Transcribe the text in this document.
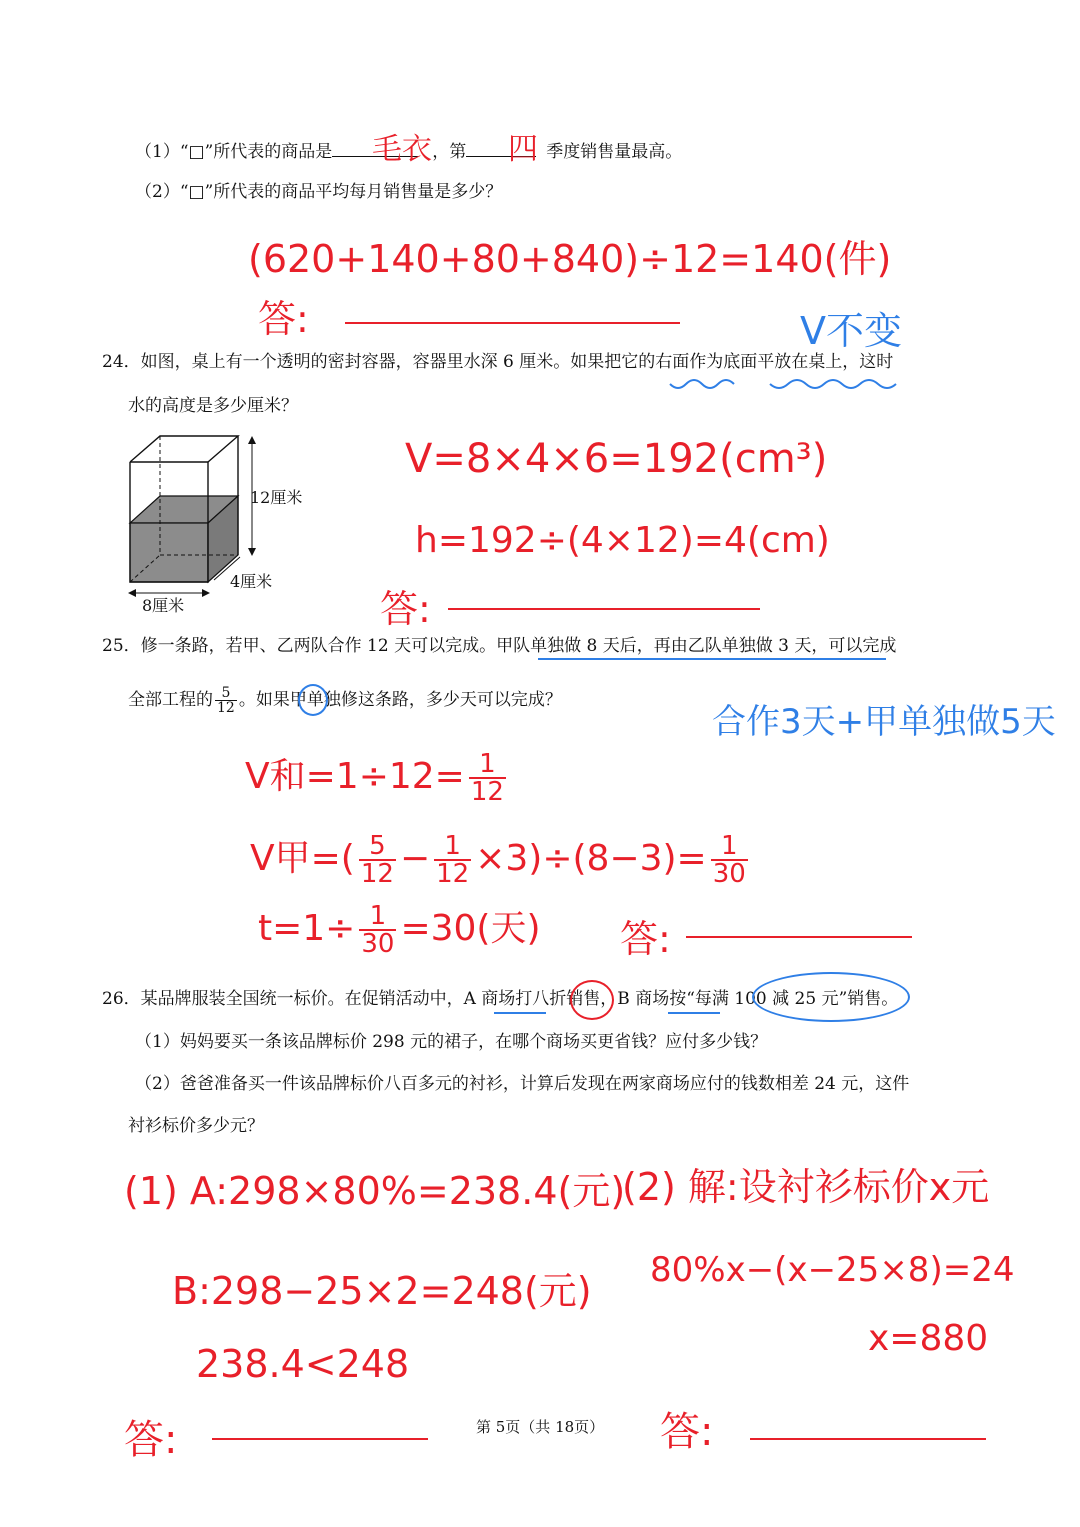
（1）“□”所代表的商品是	，第	季度销售量最高。
毛衣	四
（2）“□”所代表的商品平均每月销售量是多少？
(620+140+80+840)÷12=140(件)
答:	V不变
24．如图，桌上有一个透明的密封容器，容器里水深 6 厘米。如果把它的右面作为底面平放在桌上，这时
水的高度是多少厘米？
12厘米
4厘米
8厘米
V=8×4×6=192(cm³)
h=192÷(4×12)=4(cm)
答:
25．修一条路，若甲、乙两队合作 12 天可以完成。甲队单独做 8 天后，再由乙队单独做 3 天，可以完成
全部工程的 $\frac{5}{12}$ 。如果甲单独修这条路，多少天可以完成？
合作3天+甲单独做5天
V和$=1\div 12= \frac{1}{12}$
V甲=( $\frac{5}{12} - \frac{1}{12} \times 3)\div(8-3)= \frac{1}{30}$
$t=1\div \frac{1}{30} =30$(天) 答:
26．某品牌服装全国统一标价。在促销活动中，A 商场打八折销售，B 商场按“每满 100 减 25 元”销售。
（1）妈妈要买一条该品牌标价 298 元的裙子，在哪个商场买更省钱？应付多少钱？
（2）爸爸准备买一件该品牌标价八百多元的衬衫，计算后发现在两家商场应付的钱数相差 24 元，这件
衬衫标价多少元？
(1) A:298×80%=238.4(元)
B:298−25×2=248(元)
238.4<248
答:
(2) 解:设衬衫标价x元
80%x−(x−25×8)=24
x=880
答:
第 5页（共 18页）
